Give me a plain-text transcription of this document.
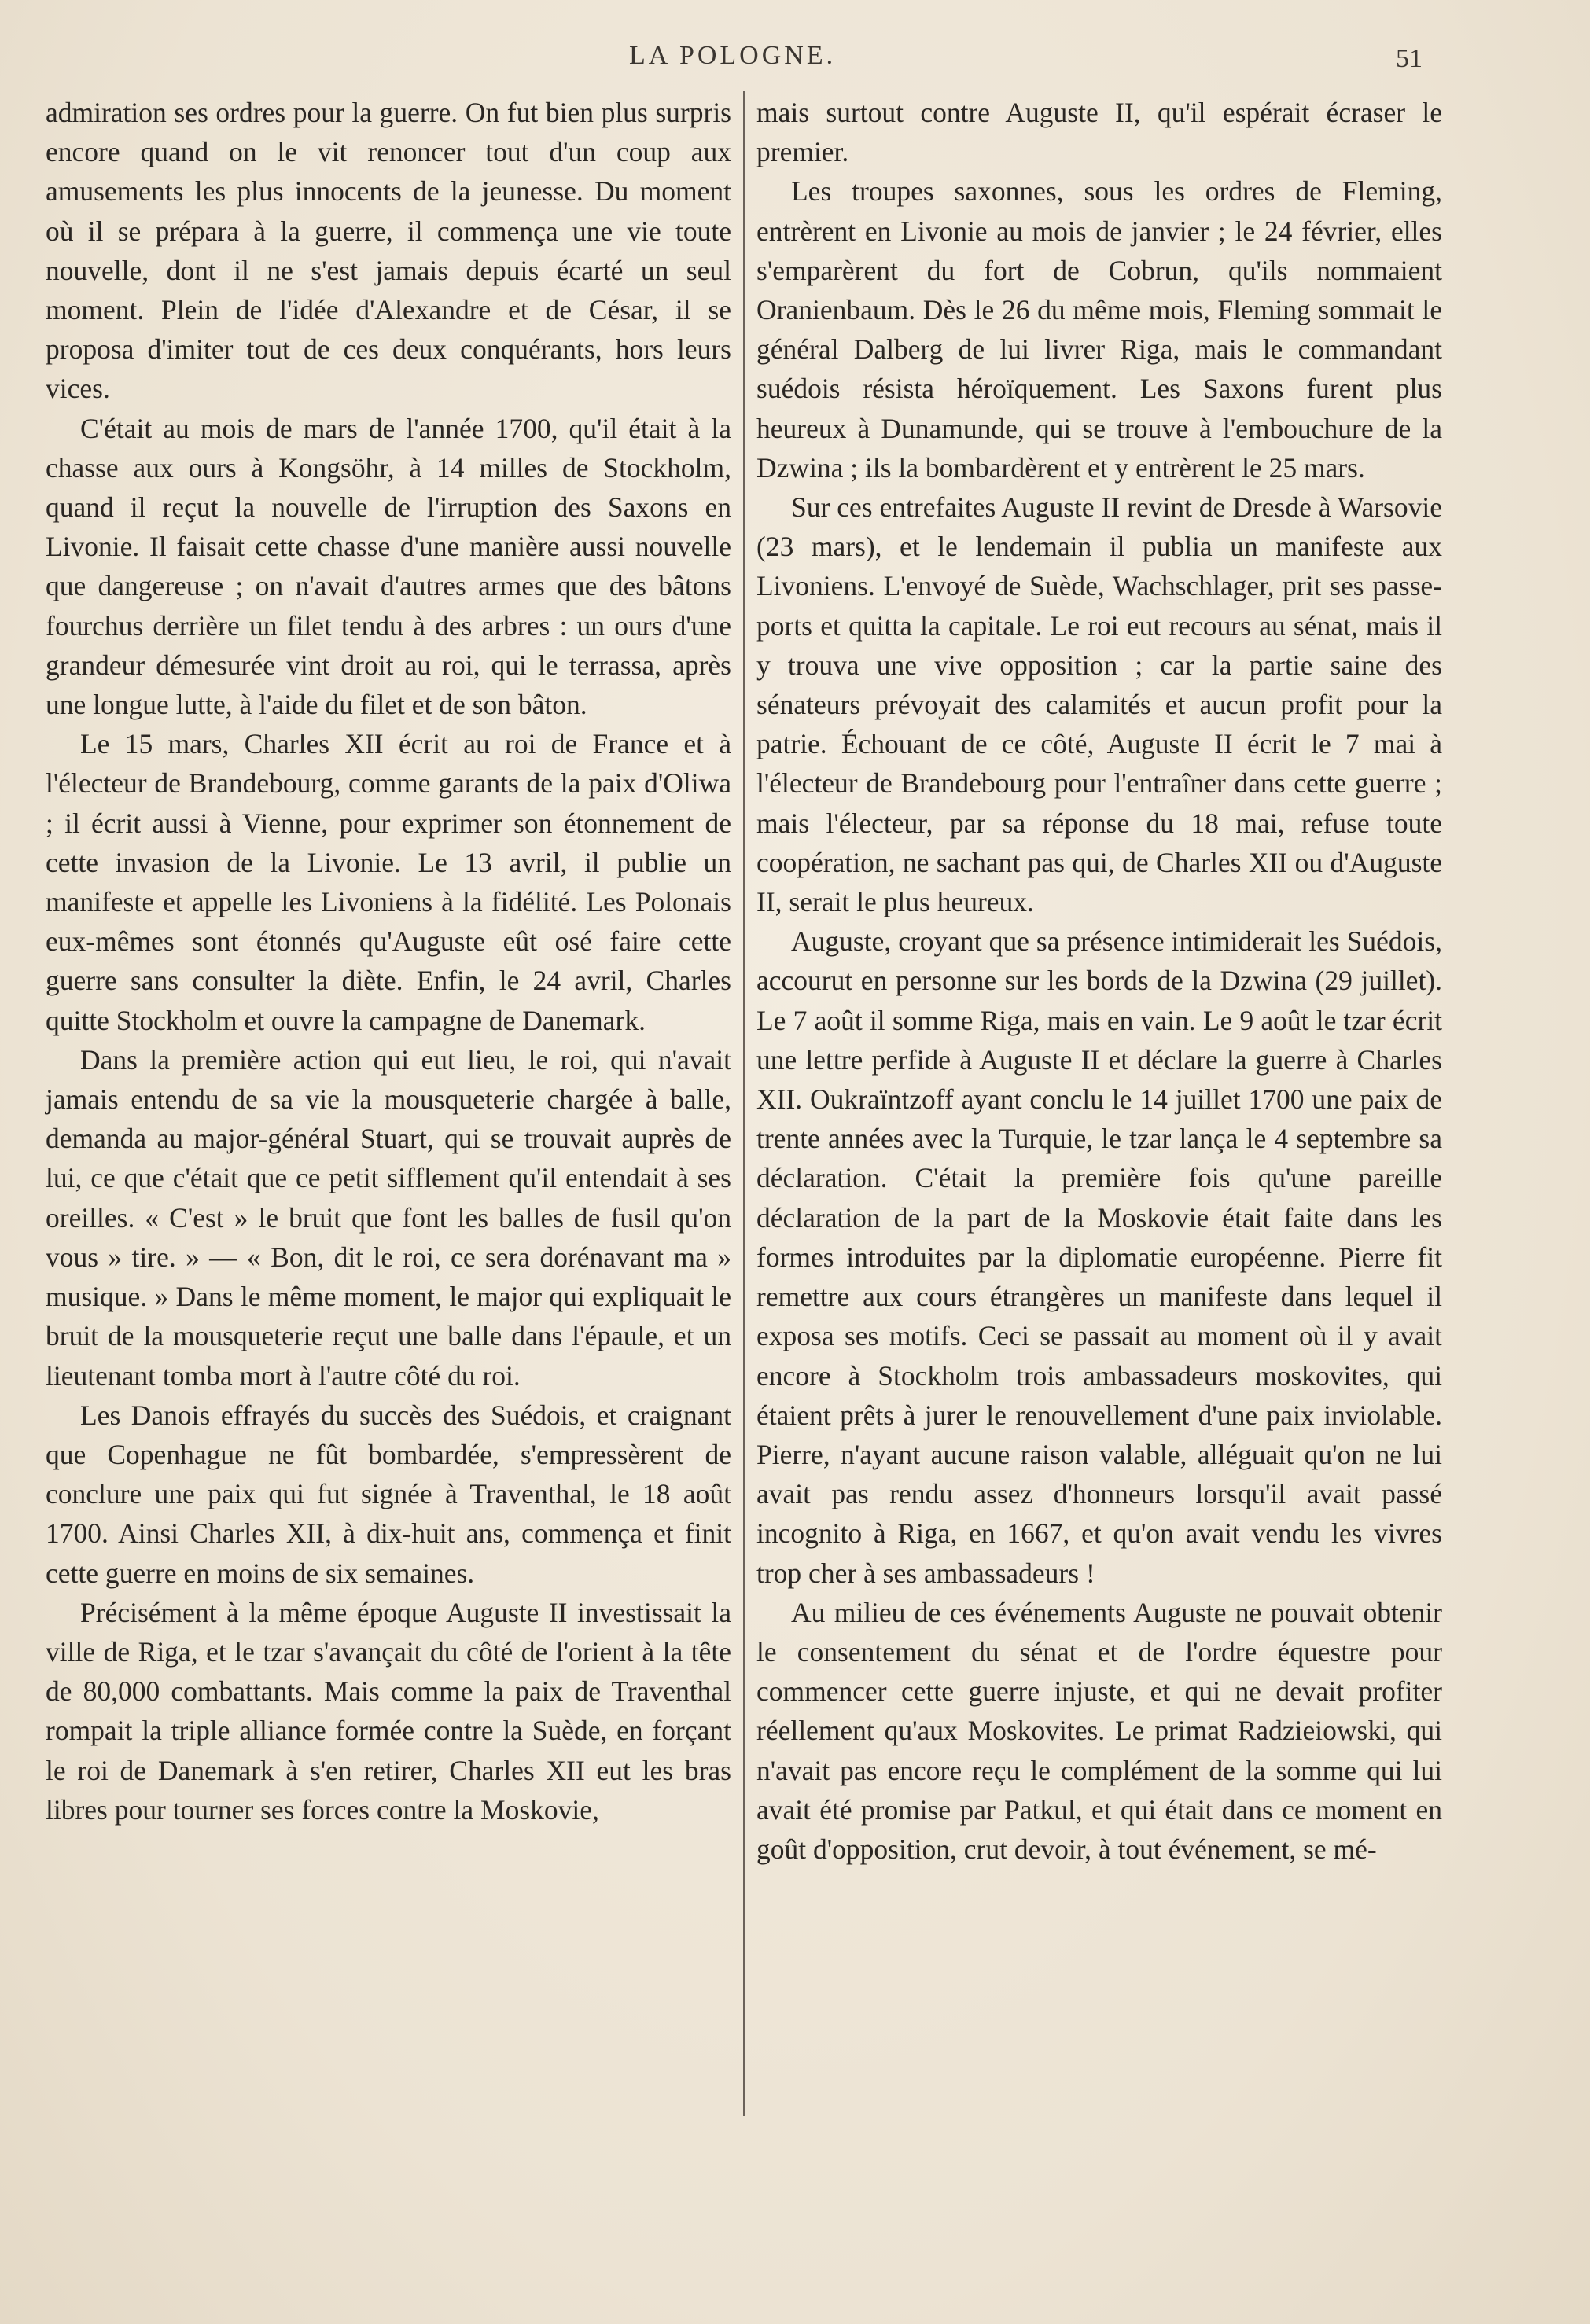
LA POLOGNE.	51

admiration ses ordres pour la guerre. On fut bien plus surpris encore quand on le vit renoncer tout d'un coup aux amusements les plus innocents de la jeunesse. Du moment où il se prépara à la guerre, il commença une vie toute nouvelle, dont il ne s'est jamais depuis écarté un seul moment. Plein de l'idée d'Alexandre et de César, il se proposa d'imiter tout de ces deux conquérants, hors leurs vices.

C'était au mois de mars de l'année 1700, qu'il était à la chasse aux ours à Kongsöhr, à 14 milles de Stockholm, quand il reçut la nouvelle de l'irruption des Saxons en Livonie. Il faisait cette chasse d'une manière aussi nouvelle que dangereuse ; on n'avait d'autres armes que des bâtons fourchus derrière un filet tendu à des arbres : un ours d'une grandeur démesurée vint droit au roi, qui le terrassa, après une longue lutte, à l'aide du filet et de son bâton.

Le 15 mars, Charles XII écrit au roi de France et à l'électeur de Brandebourg, comme garants de la paix d'Oliwa ; il écrit aussi à Vienne, pour exprimer son étonnement de cette invasion de la Livonie. Le 13 avril, il publie un manifeste et appelle les Livoniens à la fidélité. Les Polonais eux-mêmes sont étonnés qu'Auguste eût osé faire cette guerre sans consulter la diète. Enfin, le 24 avril, Charles quitte Stockholm et ouvre la campagne de Danemark.

Dans la première action qui eut lieu, le roi, qui n'avait jamais entendu de sa vie la mousqueterie chargée à balle, demanda au major-général Stuart, qui se trouvait auprès de lui, ce que c'était que ce petit sifflement qu'il entendait à ses oreilles. « C'est » le bruit que font les balles de fusil qu'on vous » tire. » — « Bon, dit le roi, ce sera dorénavant ma » musique. » Dans le même moment, le major qui expliquait le bruit de la mousqueterie reçut une balle dans l'épaule, et un lieutenant tomba mort à l'autre côté du roi.

Les Danois effrayés du succès des Suédois, et craignant que Copenhague ne fût bombardée, s'empressèrent de conclure une paix qui fut signée à Traventhal, le 18 août 1700. Ainsi Charles XII, à dix-huit ans, commença et finit cette guerre en moins de six semaines.

Précisément à la même époque Auguste II investissait la ville de Riga, et le tzar s'avançait du côté de l'orient à la tête de 80,000 combattants. Mais comme la paix de Traventhal rompait la triple alliance formée contre la Suède, en forçant le roi de Danemark à s'en retirer, Charles XII eut les bras libres pour tourner ses forces contre la Moskovie,

mais surtout contre Auguste II, qu'il espérait écraser le premier.

Les troupes saxonnes, sous les ordres de Fleming, entrèrent en Livonie au mois de janvier ; le 24 février, elles s'emparèrent du fort de Cobrun, qu'ils nommaient Oranienbaum. Dès le 26 du même mois, Fleming sommait le général Dalberg de lui livrer Riga, mais le commandant suédois résista héroïquement. Les Saxons furent plus heureux à Dunamunde, qui se trouve à l'embouchure de la Dzwina ; ils la bombardèrent et y entrèrent le 25 mars.

Sur ces entrefaites Auguste II revint de Dresde à Warsovie (23 mars), et le lendemain il publia un manifeste aux Livoniens. L'envoyé de Suède, Wachschlager, prit ses passe-ports et quitta la capitale. Le roi eut recours au sénat, mais il y trouva une vive opposition ; car la partie saine des sénateurs prévoyait des calamités et aucun profit pour la patrie. Échouant de ce côté, Auguste II écrit le 7 mai à l'électeur de Brandebourg pour l'entraîner dans cette guerre ; mais l'électeur, par sa réponse du 18 mai, refuse toute coopération, ne sachant pas qui, de Charles XII ou d'Auguste II, serait le plus heureux.

Auguste, croyant que sa présence intimiderait les Suédois, accourut en personne sur les bords de la Dzwina (29 juillet). Le 7 août il somme Riga, mais en vain. Le 9 août le tzar écrit une lettre perfide à Auguste II et déclare la guerre à Charles XII. Oukraïntzoff ayant conclu le 14 juillet 1700 une paix de trente années avec la Turquie, le tzar lança le 4 septembre sa déclaration. C'était la première fois qu'une pareille déclaration de la part de la Moskovie était faite dans les formes introduites par la diplomatie européenne. Pierre fit remettre aux cours étrangères un manifeste dans lequel il exposa ses motifs. Ceci se passait au moment où il y avait encore à Stockholm trois ambassadeurs moskovites, qui étaient prêts à jurer le renouvellement d'une paix inviolable. Pierre, n'ayant aucune raison valable, alléguait qu'on ne lui avait pas rendu assez d'honneurs lorsqu'il avait passé incognito à Riga, en 1667, et qu'on avait vendu les vivres trop cher à ses ambassadeurs !

Au milieu de ces événements Auguste ne pouvait obtenir le consentement du sénat et de l'ordre équestre pour commencer cette guerre injuste, et qui ne devait profiter réellement qu'aux Moskovites. Le primat Radzieiowski, qui n'avait pas encore reçu le complément de la somme qui lui avait été promise par Patkul, et qui était dans ce moment en goût d'opposition, crut devoir, à tout événement, se mé-
